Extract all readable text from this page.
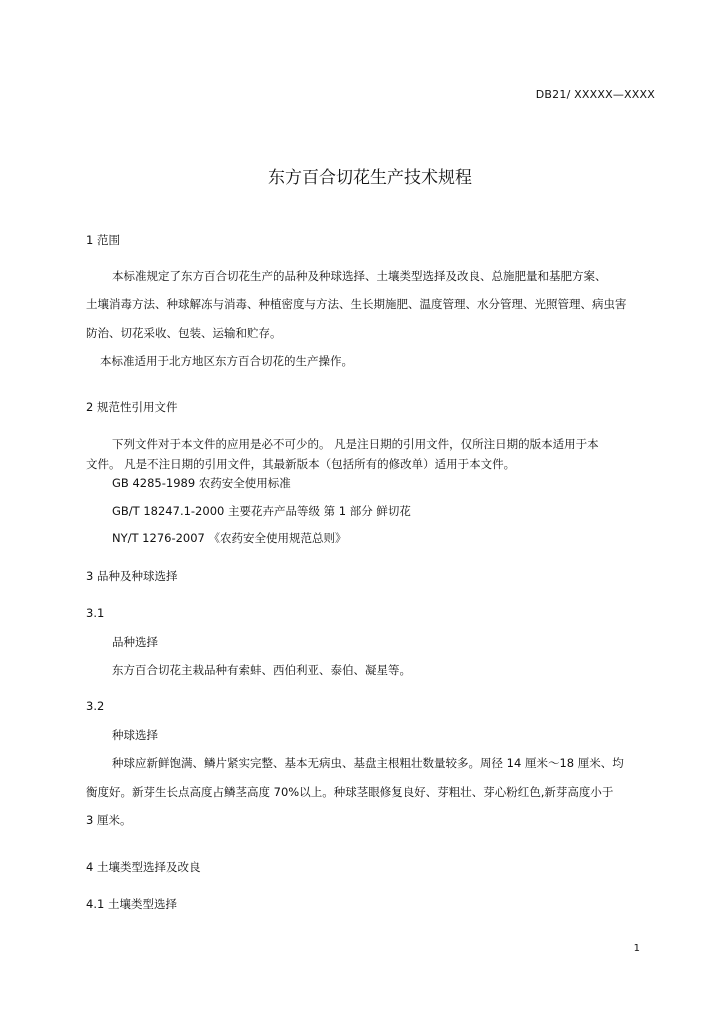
DB21/ XXXXX—XXXX
东方百合切花生产技术规程
1 范围
本标准规定了东方百合切花生产的品种及种球选择、土壤类型选择及改良、总施肥量和基肥方案、
土壤消毒方法、种球解冻与消毒、种植密度与方法、生长期施肥、温度管理、水分管理、光照管理、病虫害
防治、切花采收、包装、运输和贮存。
本标准适用于北方地区东方百合切花的生产操作。
2 规范性引用文件
下列文件对于本文件的应用是必不可少的。 凡是注日期的引用文件，仅所注日期的版本适用于本
文件。 凡是不注日期的引用文件，其最新版本（包括所有的修改单）适用于本文件。
GB 4285-1989 农药安全使用标准
GB/T 18247.1-2000 主要花卉产品等级 第 1 部分 鲜切花
NY/T 1276-2007 《农药安全使用规范总则》
3 品种及种球选择
3.1
品种选择
东方百合切花主栽品种有索蚌、西伯利亚、泰伯、凝星等。
3.2
种球选择
种球应新鲜饱满、鳞片紧实完整、基本无病虫、基盘主根粗壮数量较多。周径 14 厘米～18 厘米、均
衡度好。新芽生长点高度占鳞茎高度 70%以上。种球茎眼修复良好、芽粗壮、芽心粉红色,新芽高度小于
3 厘米。
4 土壤类型选择及改良
4.1 土壤类型选择
1
